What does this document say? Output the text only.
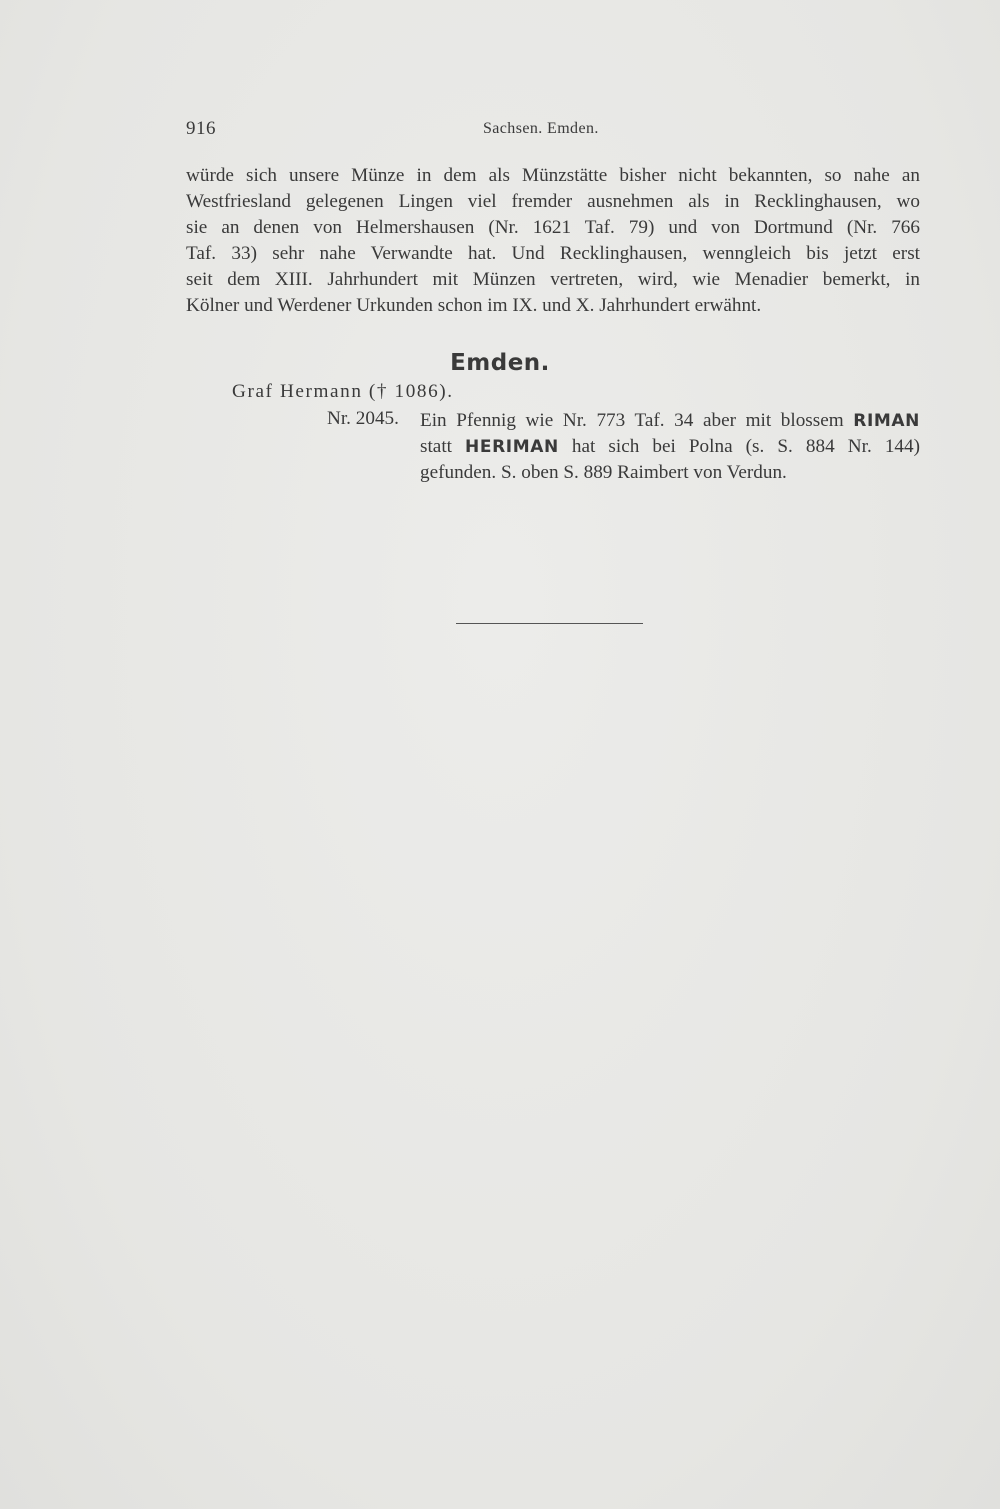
916	Sachsen. Emden.
würde sich unsere Münze in dem als Münzstätte bisher nicht bekannten, so nahe an
Westfriesland gelegenen Lingen viel fremder ausnehmen als in Recklinghausen, wo
sie an denen von Helmershausen (Nr. 1621 Taf. 79) und von Dortmund (Nr. 766
Taf. 33) sehr nahe Verwandte hat. Und Recklinghausen, wenngleich bis jetzt erst
seit dem XIII. Jahrhundert mit Münzen vertreten, wird, wie Menadier bemerkt, in
Kölner und Werdener Urkunden schon im IX. und X. Jahrhundert erwähnt.
Emden.
Graf Hermann († 1086).
Nr. 2045. Ein Pfennig wie Nr. 773 Taf. 34 aber mit blossem RIMAN
statt HERIMAN hat sich bei Polna (s. S. 884 Nr. 144)
gefunden. S. oben S. 889 Raimbert von Verdun.
